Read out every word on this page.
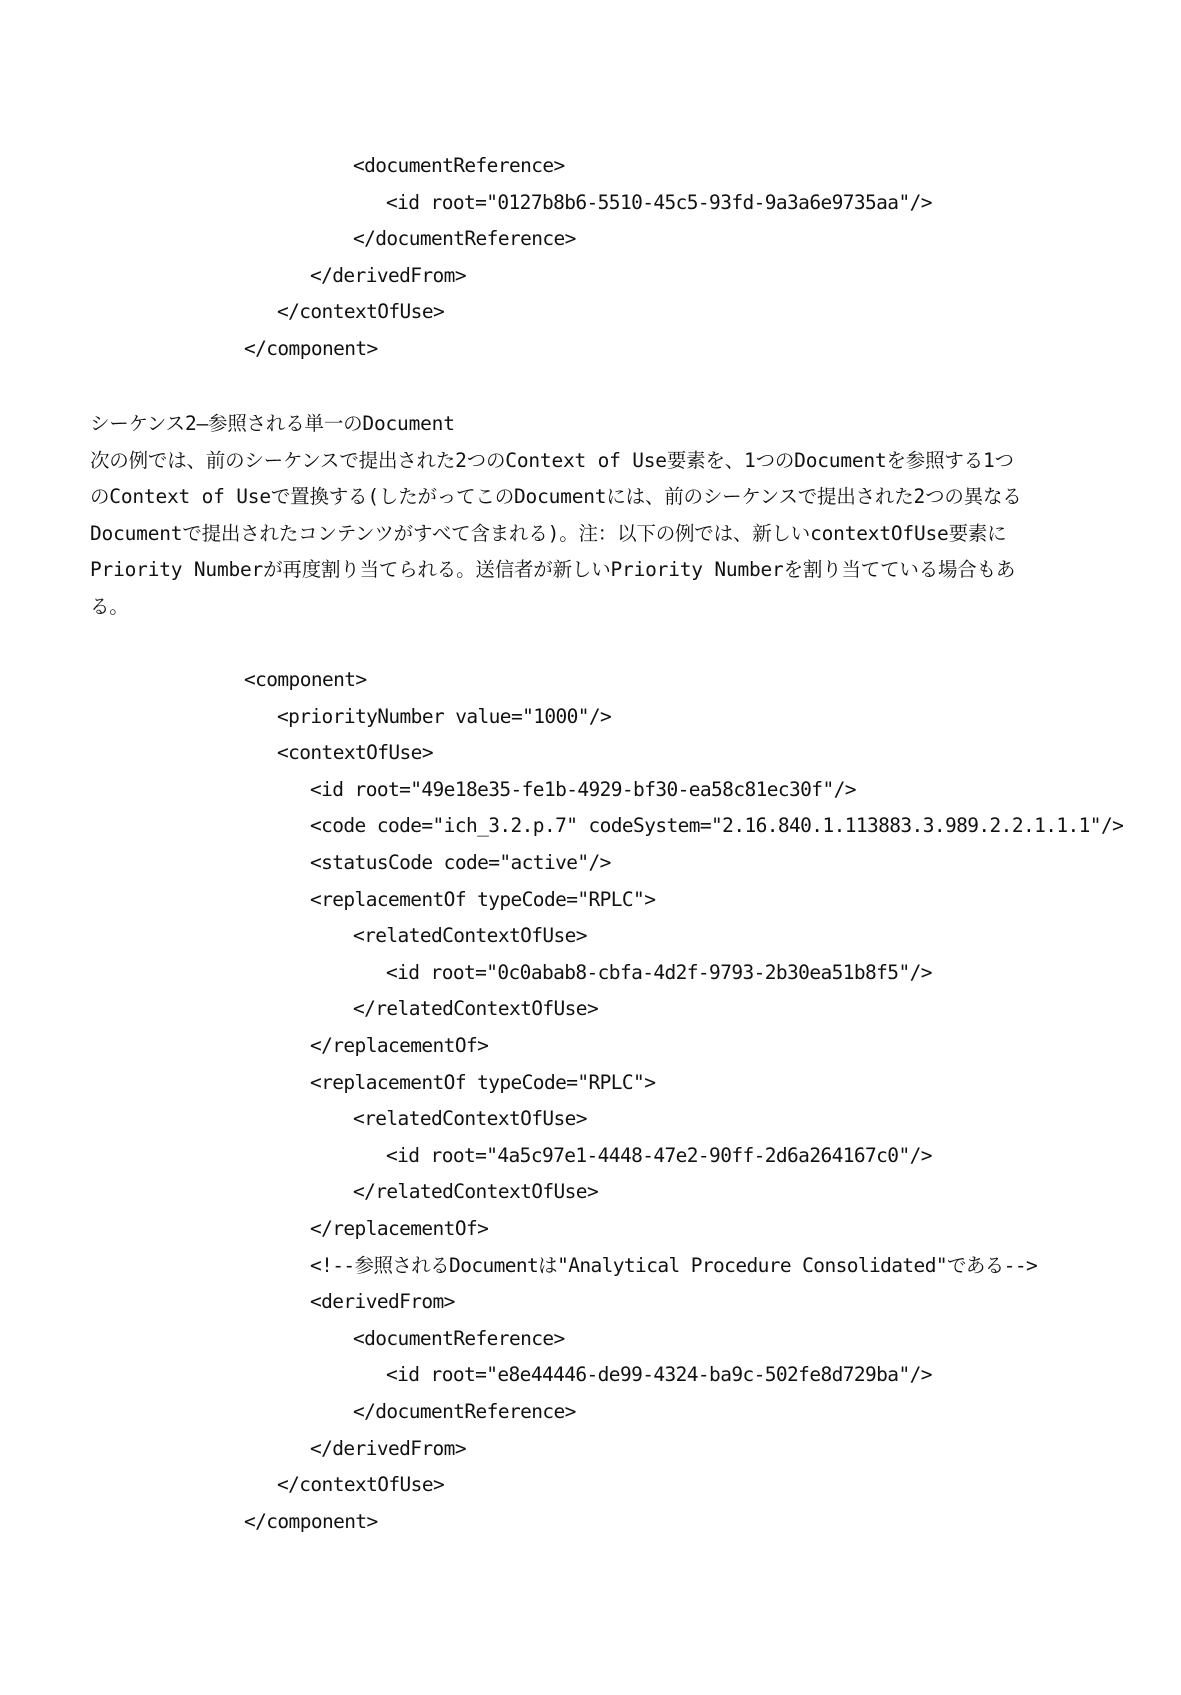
<documentReference>
<id root="0127b8b6-5510-45c5-93fd-9a3a6e9735aa"/>
</documentReference>
</derivedFrom>
</contextOfUse>
</component>
シーケンス2―参照される単一のDocument
次の例では、前のシーケンスで提出された2つのContext of Use要素を、1つのDocumentを参照する1つ
のContext of Useで置換する(したがってこのDocumentには、前のシーケンスで提出された2つの異なる
Documentで提出されたコンテンツがすべて含まれる)。注：以下の例では、新しいcontextOfUse要素に
Priority Numberが再度割り当てられる。送信者が新しいPriority Numberを割り当てている場合もあ
る。
<component>
<priorityNumber value="1000"/>
<contextOfUse>
<id root="49e18e35-fe1b-4929-bf30-ea58c81ec30f"/>
<code code="ich_3.2.p.7" codeSystem="2.16.840.1.113883.3.989.2.2.1.1.1"/>
<statusCode code="active"/>
<replacementOf typeCode="RPLC">
<relatedContextOfUse>
<id root="0c0abab8-cbfa-4d2f-9793-2b30ea51b8f5"/>
</relatedContextOfUse>
</replacementOf>
<replacementOf typeCode="RPLC">
<relatedContextOfUse>
<id root="4a5c97e1-4448-47e2-90ff-2d6a264167c0"/>
</relatedContextOfUse>
</replacementOf>
<!--参照されるDocumentは"Analytical Procedure Consolidated"である-->
<derivedFrom>
<documentReference>
<id root="e8e44446-de99-4324-ba9c-502fe8d729ba"/>
</documentReference>
</derivedFrom>
</contextOfUse>
</component>
